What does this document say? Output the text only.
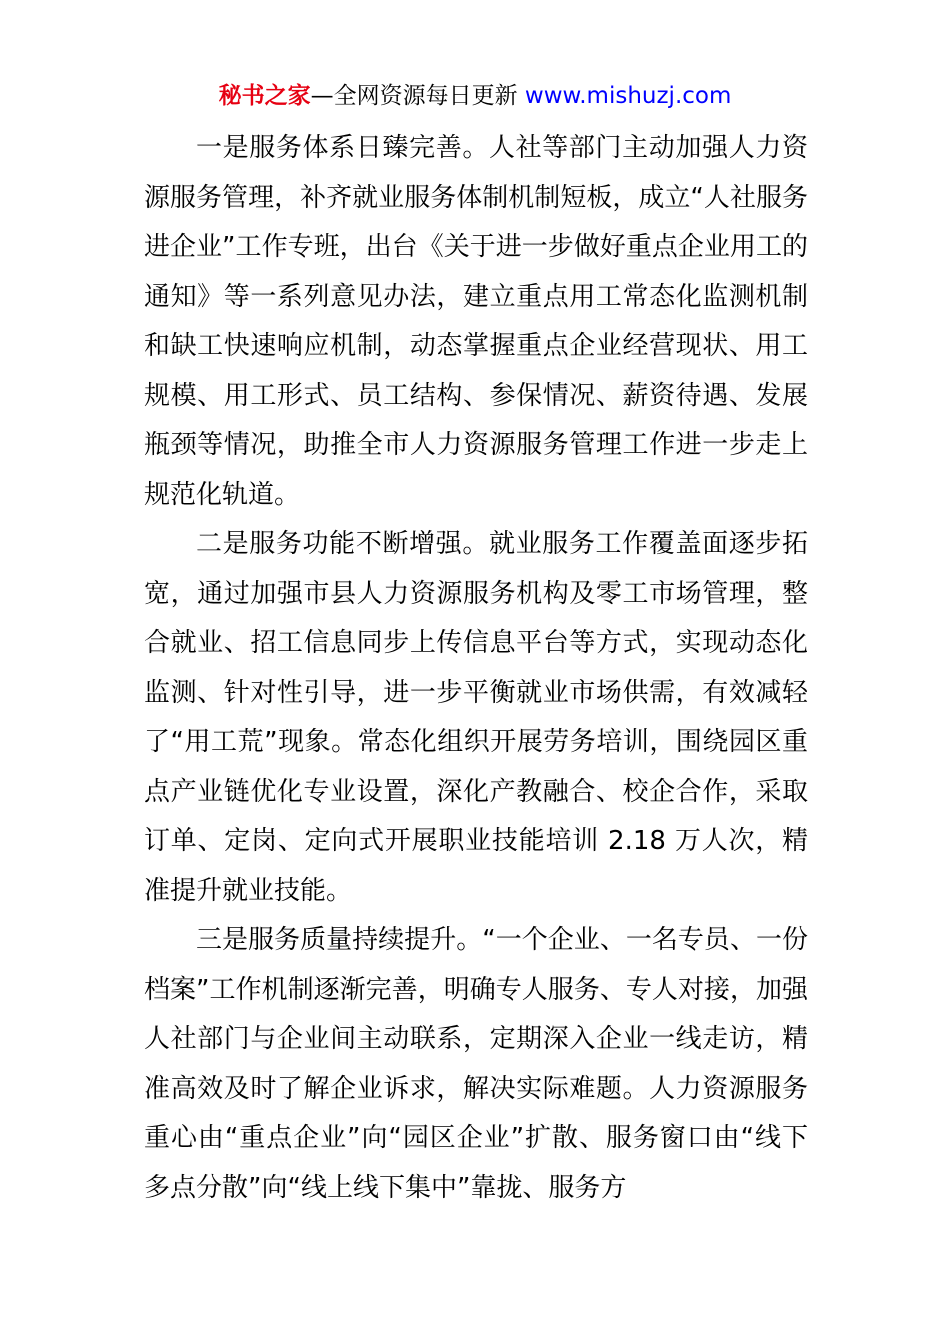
秘书之家—全网资源每日更新 www.mishuzj.com

一是服务体系日臻完善。人社等部门主动加强人力资源服务管理，补齐就业服务体制机制短板，成立“人社服务进企业”工作专班，出台《关于进一步做好重点企业用工的通知》等一系列意见办法，建立重点用工常态化监测机制和缺工快速响应机制，动态掌握重点企业经营现状、用工规模、用工形式、员工结构、参保情况、薪资待遇、发展瓶颈等情况，助推全市人力资源服务管理工作进一步走上规范化轨道。

二是服务功能不断增强。就业服务工作覆盖面逐步拓宽，通过加强市县人力资源服务机构及零工市场管理，整合就业、招工信息同步上传信息平台等方式，实现动态化监测、针对性引导，进一步平衡就业市场供需，有效减轻了“用工荒”现象。常态化组织开展劳务培训，围绕园区重点产业链优化专业设置，深化产教融合、校企合作，采取订单、定岗、定向式开展职业技能培训 2.18 万人次，精准提升就业技能。

三是服务质量持续提升。“一个企业、一名专员、一份档案”工作机制逐渐完善，明确专人服务、专人对接，加强人社部门与企业间主动联系，定期深入企业一线走访，精准高效及时了解企业诉求，解决实际难题。人力资源服务重心由“重点企业”向“园区企业”扩散、服务窗口由“线下多点分散”向“线上线下集中”靠拢、服务方
